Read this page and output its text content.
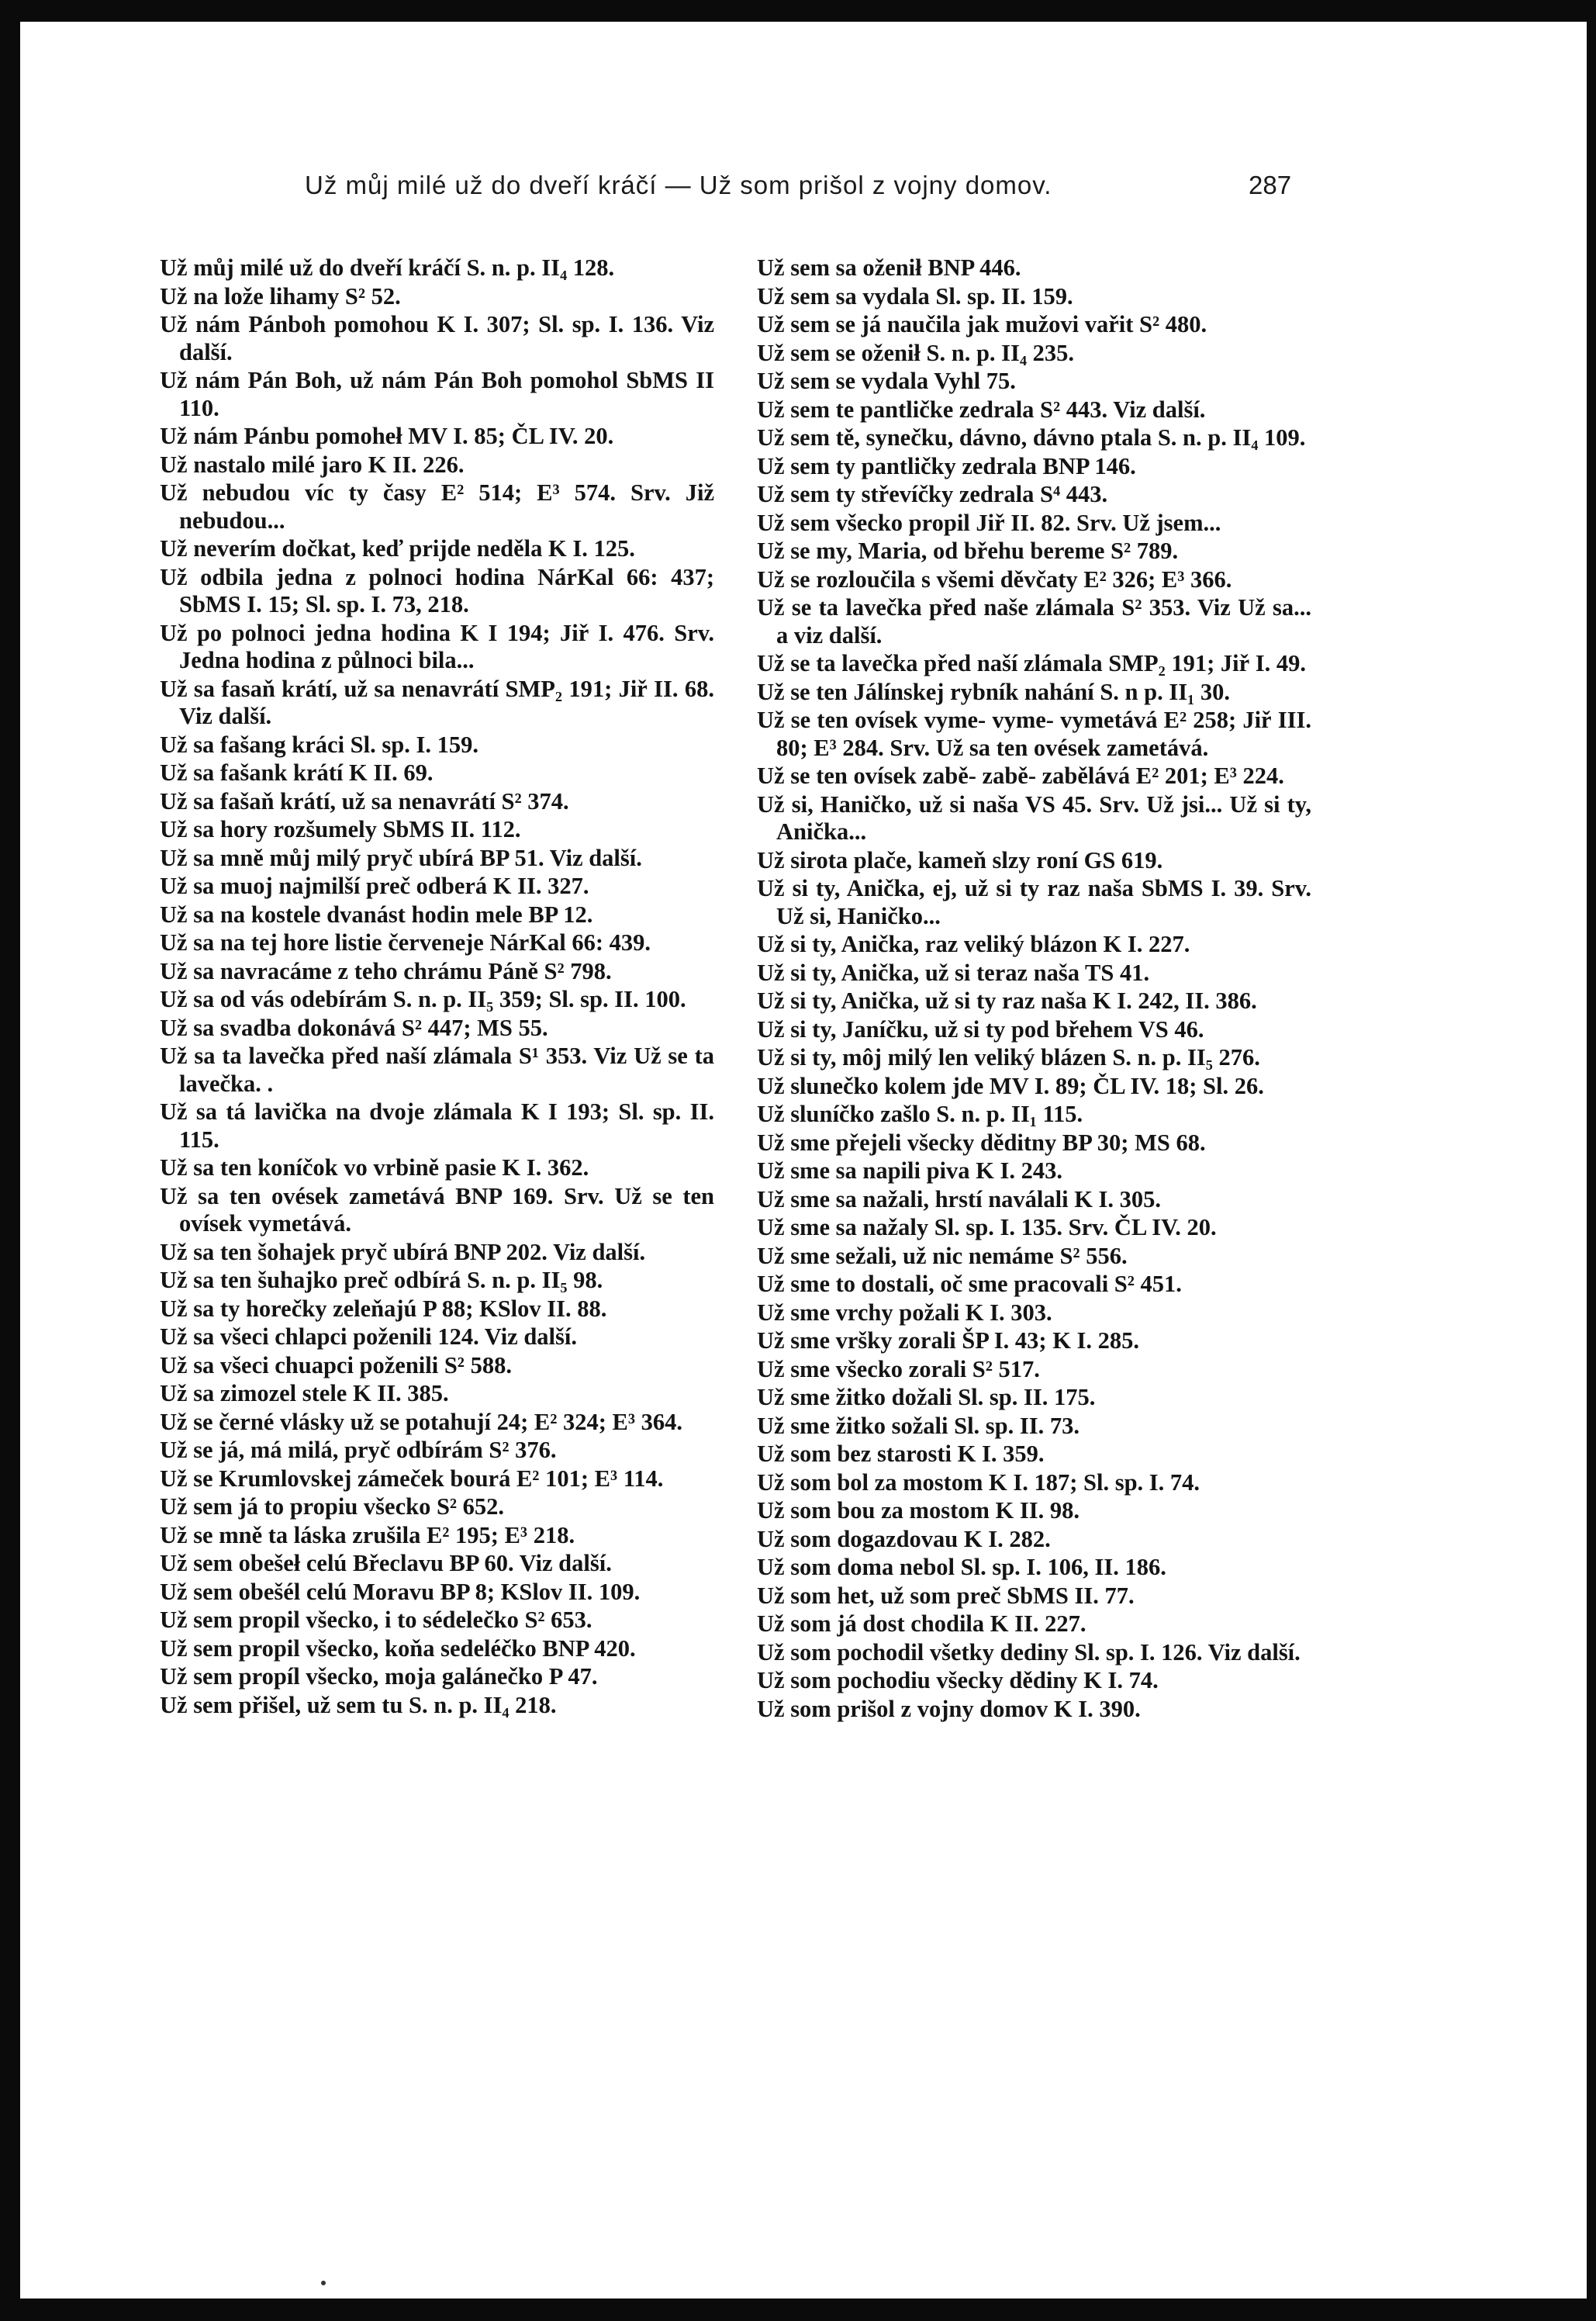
Už můj milé už do dveří kráčí — Už som prišol z vojny domov.	287
Už můj milé už do dveří kráčí S. n. p. II₄ 128.
Už na lože lihamy S² 52.
Už nám Pánboh pomohou K I. 307; Sl. sp. I. 136. Viz další.
Už nám Pán Boh, už nám Pán Boh pomohol SbMS II 110.
Už nám Pánbu pomoheł MV I. 85; ČL IV. 20.
Už nastalo milé jaro K II. 226.
Už nebudou víc ty časy E² 514; E³ 574. Srv. Již nebudou...
Už neverím dočkat, keď prijde neděla K I. 125.
Už odbila jedna z polnoci hodina NárKal 66: 437; SbMS I. 15; Sl. sp. I. 73, 218.
Už po polnoci jedna hodina K I 194; Jiř I. 476. Srv. Jedna hodina z půlnoci bila...
Už sa fasaň krátí, už sa nenavrátí SMP₂ 191; Jiř II. 68. Viz další.
Už sa fašang kráci Sl. sp. I. 159.
Už sa fašank krátí K II. 69.
Už sa fašaň krátí, už sa nenavrátí S² 374.
Už sa hory rozšumely SbMS II. 112.
Už sa mně můj milý pryč ubírá BP 51. Viz další.
Už sa muoj najmilší preč odberá K II. 327.
Už sa na kostele dvanást hodin mele BP 12.
Už sa na tej hore listie červeneje NárKal 66: 439.
Už sa navracáme z teho chrámu Páně S² 798.
Už sa od vás odebírám S. n. p. II₅ 359; Sl. sp. II. 100.
Už sa svadba dokonává S² 447; MS 55.
Už sa ta lavečka před naší zlámala S¹ 353. Viz Už se ta lavečka. .
Už sa tá lavička na dvoje zlámala K I 193; Sl. sp. II. 115.
Už sa ten koníčok vo vrbině pasie K I. 362.
Už sa ten ovések zametává BNP 169. Srv. Už se ten ovísek vymetává.
Už sa ten šohajek pryč ubírá BNP 202. Viz další.
Už sa ten šuhajko preč odbírá S. n. p. II₅ 98.
Už sa ty horečky zeleňajú P 88; KSlov II. 88.
Už sa všeci chlapci poženili 124. Viz další.
Už sa všeci chuapci poženili S² 588.
Už sa zimozel stele K II. 385.
Už se černé vlásky už se potahují 24; E² 324; E³ 364.
Už se já, má milá, pryč odbírám S² 376.
Už se Krumlovskej zámeček bourá E² 101; E³ 114.
Už sem já to propiu všecko S² 652.
Už se mně ta láska zrušila E² 195; E³ 218.
Už sem obešeł celú Břeclavu BP 60. Viz další.
Už sem obešél celú Moravu BP 8; KSlov II. 109.
Už sem propil všecko, i to sédelečko S² 653.
Už sem propil všecko, koňa sedeléčko BNP 420.
Už sem propíl všecko, moja galánečko P 47.
Už sem přišel, už sem tu S. n. p. II₄ 218.
Už sem sa oženił BNP 446.
Už sem sa vydala Sl. sp. II. 159.
Už sem se já naučila jak mužovi vařit S² 480.
Už sem se oženił S. n. p. II₄ 235.
Už sem se vydala Vyhl 75.
Už sem te pantličke zedrala S² 443. Viz další.
Už sem tě, synečku, dávno, dávno ptala S. n. p. II₄ 109.
Už sem ty pantličky zedrala BNP 146.
Už sem ty střevíčky zedrala S⁴ 443.
Už sem všecko propil Jiř II. 82. Srv. Už jsem...
Už se my, Maria, od břehu bereme S² 789.
Už se rozloučila s všemi děvčaty E² 326; E³ 366.
Už se ta lavečka před naše zlámala S² 353. Viz Už sa... a viz další.
Už se ta lavečka před naší zlámala SMP₂ 191; Jiř I. 49.
Už se ten Jálínskej rybník nahání S. n p. II₁ 30.
Už se ten ovísek vyme- vyme- vymetává E² 258; Jiř III. 80; E³ 284. Srv. Už sa ten ovések zametává.
Už se ten ovísek zabě- zabě- zabělává E² 201; E³ 224.
Už si, Haničko, už si naša VS 45. Srv. Už jsi... Už si ty, Anička...
Už sirota plače, kameň slzy roní GS 619.
Už si ty, Anička, ej, už si ty raz naša SbMS I. 39. Srv. Už si, Haničko...
Už si ty, Anička, raz veliký blázon K I. 227.
Už si ty, Anička, už si teraz naša TS 41.
Už si ty, Anička, už si ty raz naša K I. 242, II. 386.
Už si ty, Janíčku, už si ty pod břehem VS 46.
Už si ty, môj milý len veliký blázen S. n. p. II₅ 276.
Už slunečko kolem jde MV I. 89; ČL IV. 18; Sl. 26.
Už sluníčko zašlo S. n. p. II₁ 115.
Už sme přejeli všecky děditny BP 30; MS 68.
Už sme sa napili piva K I. 243.
Už sme sa nažali, hrstí naválali K I. 305.
Už sme sa nažaly Sl. sp. I. 135. Srv. ČL IV. 20.
Už sme sežali, už nic nemáme S² 556.
Už sme to dostali, oč sme pracovali S² 451.
Už sme vrchy požali K I. 303.
Už sme vršky zorali ŠP I. 43; K I. 285.
Už sme všecko zorali S² 517.
Už sme žitko dožali Sl. sp. II. 175.
Už sme žitko sožali Sl. sp. II. 73.
Už som bez starosti K I. 359.
Už som bol za mostom K I. 187; Sl. sp. I. 74.
Už som bou za mostom K II. 98.
Už som dogazdovau K I. 282.
Už som doma nebol Sl. sp. I. 106, II. 186.
Už som het, už som preč SbMS II. 77.
Už som já dost chodila K II. 227.
Už som pochodil všetky dediny Sl. sp. I. 126. Viz další.
Už som pochodiu všecky dědiny K I. 74.
Už som prišol z vojny domov K I. 390.
